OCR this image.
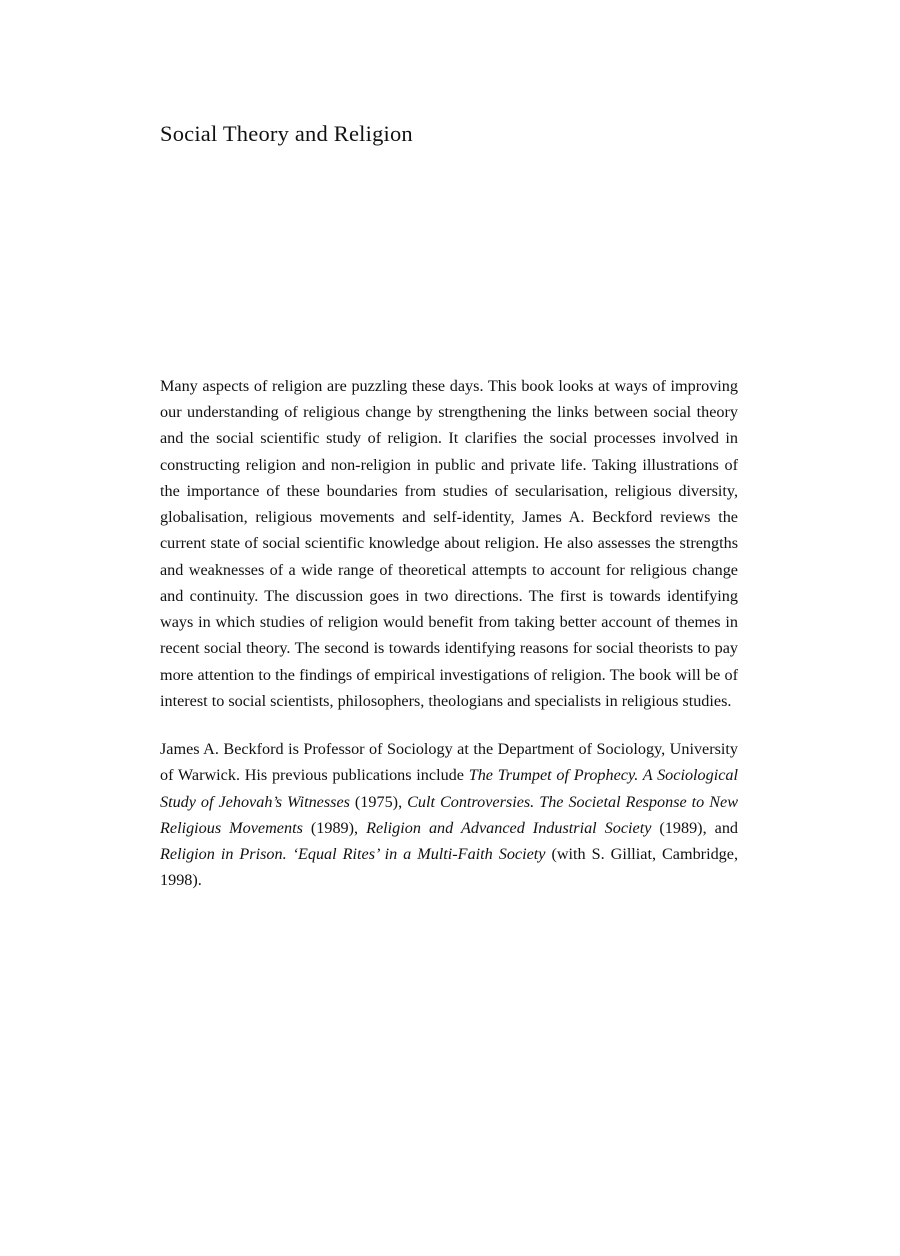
Social Theory and Religion

Many aspects of religion are puzzling these days. This book looks at ways of improving our understanding of religious change by strengthening the links between social theory and the social scientific study of religion. It clarifies the social processes involved in constructing religion and non-religion in public and private life. Taking illustrations of the importance of these boundaries from studies of secularisation, religious diversity, globalisation, religious movements and self-identity, James A. Beckford reviews the current state of social scientific knowledge about religion. He also assesses the strengths and weaknesses of a wide range of theoretical attempts to account for religious change and continuity. The discussion goes in two directions. The first is towards identifying ways in which studies of religion would benefit from taking better account of themes in recent social theory. The second is towards identifying reasons for social theorists to pay more attention to the findings of empirical investigations of religion. The book will be of interest to social scientists, philosophers, theologians and specialists in religious studies.

James A. Beckford is Professor of Sociology at the Department of Sociology, University of Warwick. His previous publications include The Trumpet of Prophecy. A Sociological Study of Jehovah’s Witnesses (1975), Cult Controversies. The Societal Response to New Religious Movements (1989), Religion and Advanced Industrial Society (1989), and Religion in Prison. ‘Equal Rites’ in a Multi-Faith Society (with S. Gilliat, Cambridge, 1998).
